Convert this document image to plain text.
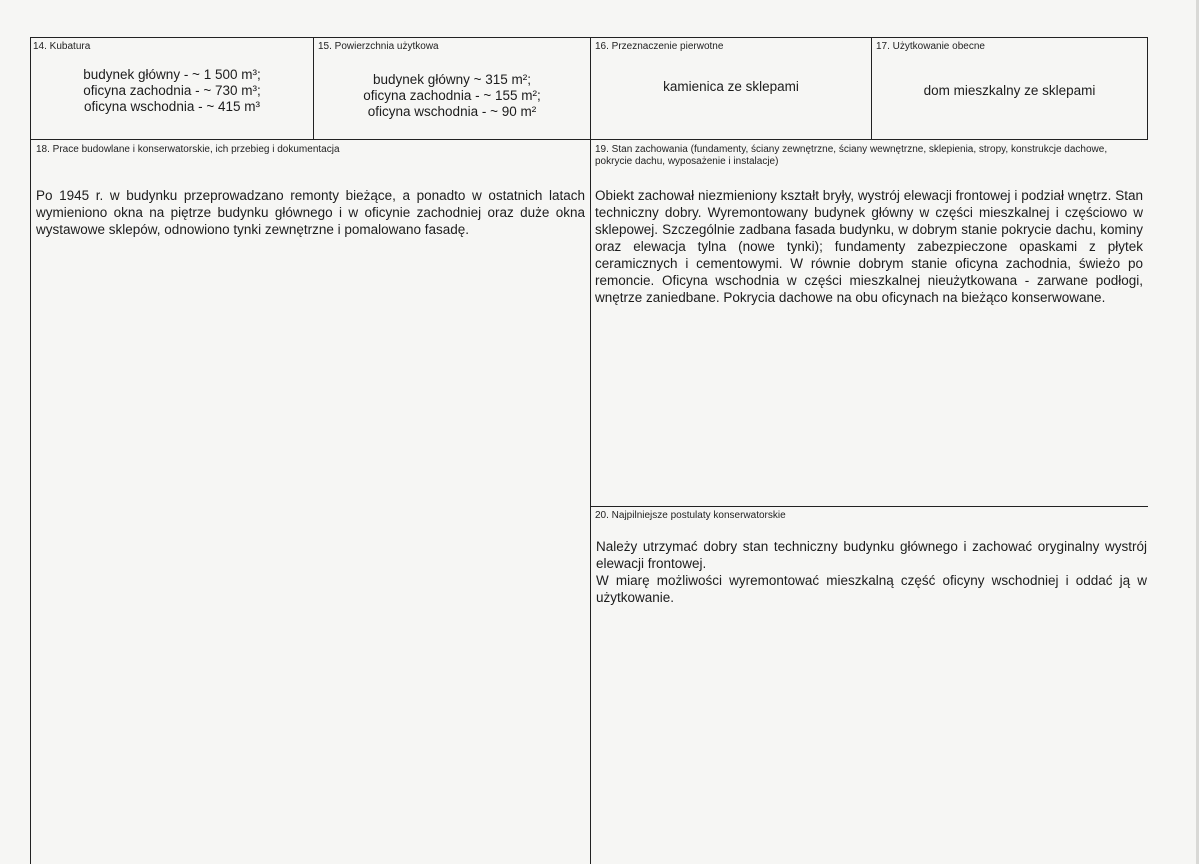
14. Kubatura
budynek główny - ~ 1 500 m³;
oficyna zachodnia - ~ 730 m³;
oficyna wschodnia - ~ 415 m³
15. Powierzchnia użytkowa
budynek główny ~ 315 m²;
oficyna zachodnia - ~ 155 m²;
oficyna wschodnia - ~ 90 m²
16. Przeznaczenie pierwotne
kamienica ze sklepami
17. Użytkowanie obecne
dom mieszkalny ze sklepami
18. Prace budowlane i konserwatorskie, ich przebieg i dokumentacja
Po 1945 r. w budynku przeprowadzano remonty bieżące, a ponadto w ostatnich latach wymieniono okna na piętrze budynku głównego i w oficynie zachodniej oraz duże okna wystawowe sklepów, odnowiono tynki zewnętrzne i pomalowano fasadę.
19. Stan zachowania (fundamenty, ściany zewnętrzne, ściany wewnętrzne, sklepienia, stropy, konstrukcje dachowe, pokrycie dachu, wyposażenie i instalacje)
Obiekt zachował niezmieniony kształt bryły, wystrój elewacji frontowej i podział wnętrz. Stan techniczny dobry. Wyremontowany budynek główny w części mieszkalnej i częściowo w sklepowej. Szczególnie zadbana fasada budynku, w dobrym stanie pokrycie dachu, kominy oraz elewacja tylna (nowe tynki); fundamenty zabezpieczone opaskami z płytek ceramicznych i cementowymi. W równie dobrym stanie oficyna zachodnia, świeżo po remoncie. Oficyna wschodnia w części mieszkalnej nieużytkowana - zarwane podłogi, wnętrze zaniedbane. Pokrycia dachowe na obu oficynach na bieżąco konserwowane.
20. Najpilniejsze postulaty konserwatorskie

Należy utrzymać dobry stan techniczny budynku głównego i zachować oryginalny wystrój elewacji frontowej.

W miarę możliwości wyremontować mieszkalną część oficyny wschodniej i oddać ją w użytkowanie.
